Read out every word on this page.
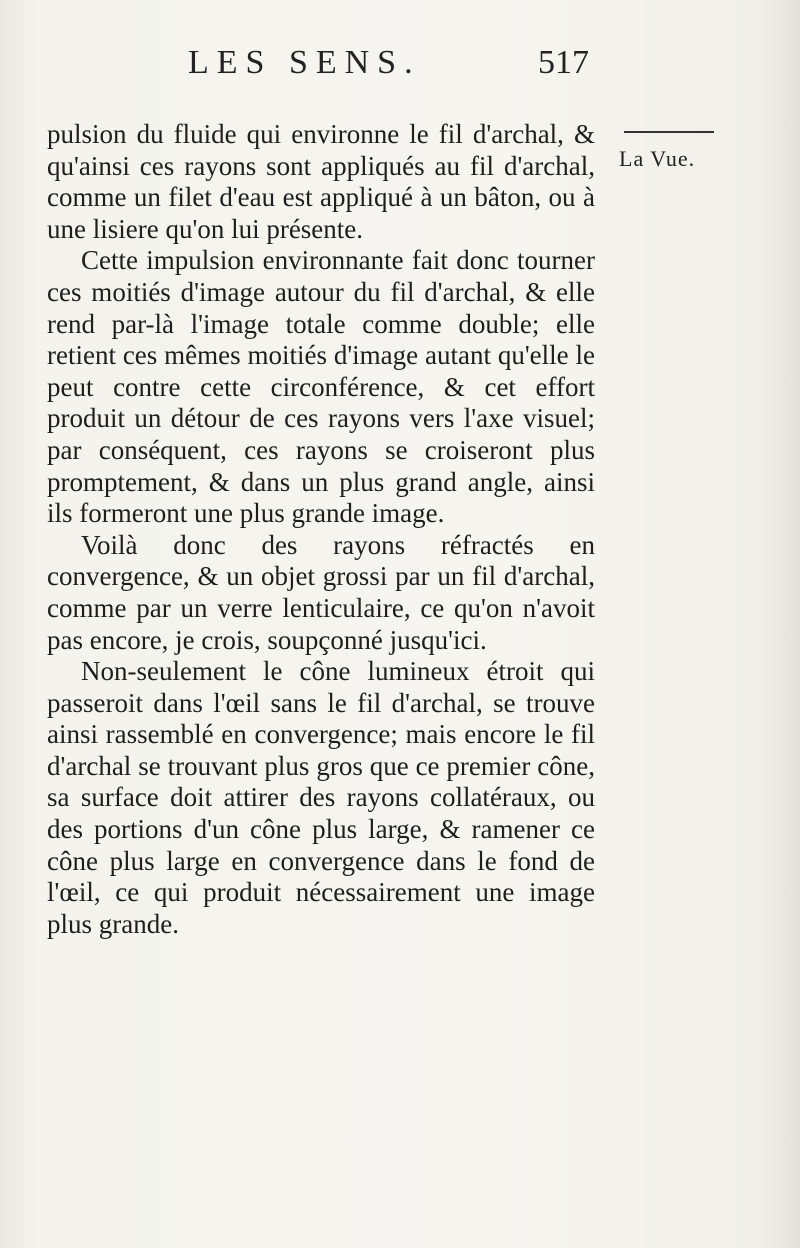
LES SENS.	517
La Vue.

pulsion du fluide qui environne le fil d'archal, & qu'ainsi ces rayons sont appliqués au fil d'archal, comme un filet d'eau est appliqué à un bâton, ou à une lisiere qu'on lui présente.

Cette impulsion environnante fait donc tourner ces moitiés d'image autour du fil d'archal, & elle rend par-là l'image totale comme double; elle retient ces mêmes moitiés d'image autant qu'elle le peut contre cette circonférence, & cet effort produit un détour de ces rayons vers l'axe visuel; par conséquent, ces rayons se croiseront plus promptement, & dans un plus grand angle, ainsi ils formeront une plus grande image.

Voilà donc des rayons réfractés en convergence, & un objet grossi par un fil d'archal, comme par un verre lenticulaire, ce qu'on n'avoit pas encore, je crois, soupçonné jusqu'ici.

Non-seulement le cône lumineux étroit qui passeroit dans l'œil sans le fil d'archal, se trouve ainsi rassemblé en convergence; mais encore le fil d'archal se trouvant plus gros que ce premier cône, sa surface doit attirer des rayons collatéraux, ou des portions d'un cône plus large, & ramener ce cône plus large en convergence dans le fond de l'œil, ce qui produit nécessairement une image plus grande.
